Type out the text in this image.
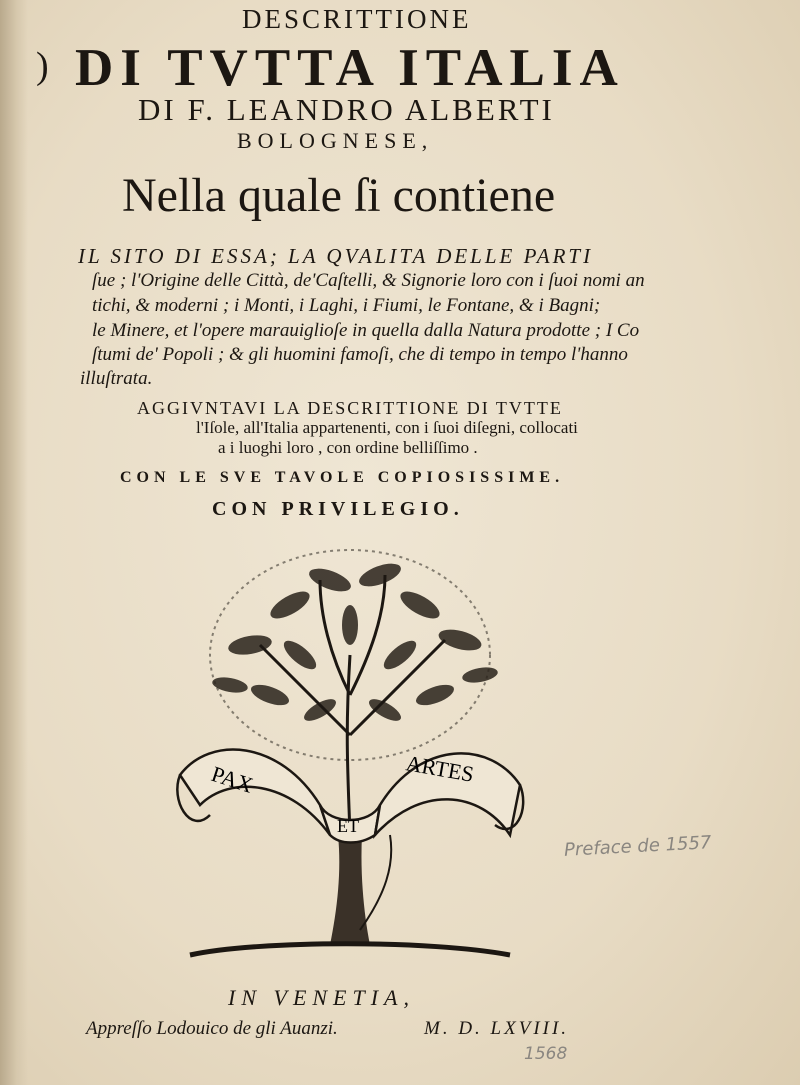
)
DESCRITTIONE
DI TVTTA ITALIA
DI F. LEANDRO ALBERTI
BOLOGNESE,
Nella quale ſi contiene
IL SITO DI ESSA; LA QVALITA DELLE PARTI
ſue ; l'Origine delle Città, de'Caſtelli, & Signorie loro con i ſuoi nomi an
tichi, & moderni ; i Monti, i Laghi, i Fiumi, le Fontane, & i Bagni;
le Minere, et l'opere marauiglioſe in quella dalla Natura prodotte ; I Co
ſtumi de' Popoli ; & gli huomini famoſi, che di tempo in tempo l'hanno
illuſtrata.
AGGIVNTAVI LA DESCRITTIONE DI TVTTE
l'Iſole, all'Italia appartenenti, con i ſuoi diſegni, collocati
a i luoghi loro , con ordine belliſſimo .
CON LE SVE TAVOLE COPIOSISSIME.
CON PRIVILEGIO.
PAX
ET
ARTES
IN VENETIA,
Appreſſo Lodouico de gli Auanzi.	M. D. LXVIII.
Preface de 1557
1568
